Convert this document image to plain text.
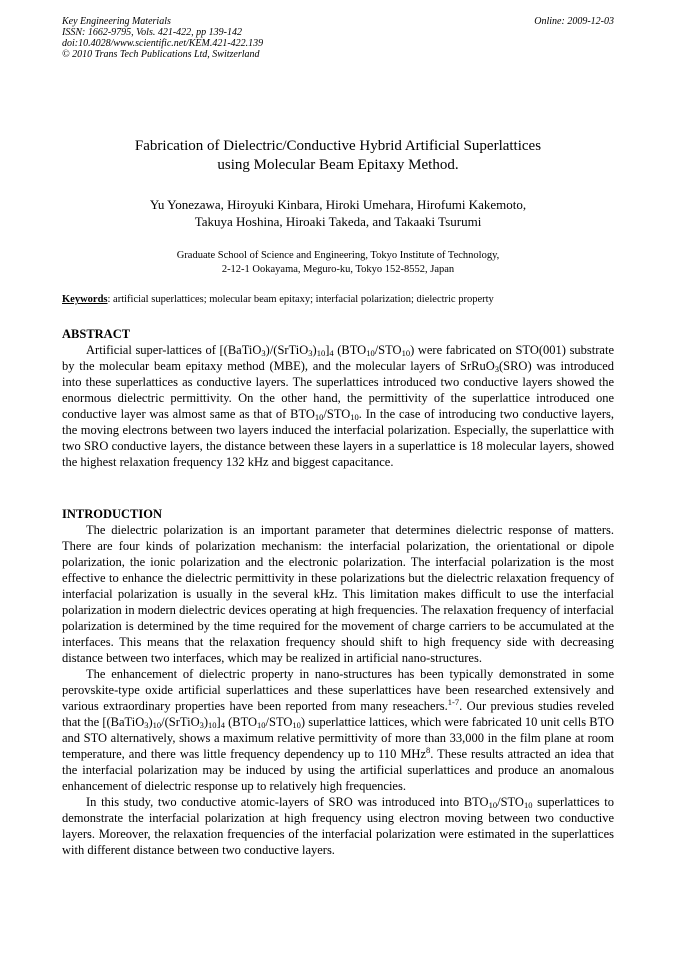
Key Engineering Materials
ISSN: 1662-9795, Vols. 421-422, pp 139-142
doi:10.4028/www.scientific.net/KEM.421-422.139
© 2010 Trans Tech Publications Ltd, Switzerland
Online: 2009-12-03
Fabrication of Dielectric/Conductive Hybrid Artificial Superlattices
using Molecular Beam Epitaxy Method.
Yu Yonezawa, Hiroyuki Kinbara, Hiroki Umehara, Hirofumi Kakemoto,
Takuya Hoshina, Hiroaki Takeda, and Takaaki Tsurumi
Graduate School of Science and Engineering, Tokyo Institute of Technology,
2-12-1 Ookayama, Meguro-ku, Tokyo 152-8552, Japan
Keywords: artificial superlattices; molecular beam epitaxy; interfacial polarization; dielectric property
ABSTRACT

Artificial super-lattices of $[(BaTiO_3)/(SrTiO_3)_{10}]_4$ $(BTO_{10}/STO_{10})$ were fabricated on STO(001) substrate by the molecular beam epitaxy method (MBE), and the molecular layers of SrRuO$_3$(SRO) was introduced into these superlattices as conductive layers. The superlattices introduced two conductive layers showed the enormous dielectric permittivity. On the other hand, the permittivity of the superlattice introduced one conductive layer was almost same as that of $BTO_{10}/STO_{10}$. In the case of introducing two conductive layers, the moving electrons between two layers induced the interfacial polarization. Especially, the superlattice with two SRO conductive layers, the distance between these layers in a superlattice is 18 molecular layers, showed the highest relaxation frequency 132 kHz and biggest capacitance.

INTRODUCTION

The dielectric polarization is an important parameter that determines dielectric response of matters. There are four kinds of polarization mechanism: the interfacial polarization, the orientational or dipole polarization, the ionic polarization and the electronic polarization. The interfacial polarization is the most effective to enhance the dielectric permittivity in these polarizations but the dielectric relaxation frequency of interfacial polarization is usually in the several kHz. This limitation makes difficult to use the interfacial polarization in modern dielectric devices operating at high frequencies. The relaxation frequency of interfacial polarization is determined by the time required for the movement of charge carriers to be accumulated at the interfaces. This means that the relaxation frequency should shift to high frequency side with decreasing distance between two interfaces, which may be realized in artificial nano-structures.

The enhancement of dielectric property in nano-structures has been typically demonstrated in some perovskite-type oxide artificial superlattices and these superlattices have been researched extensively and various extraordinary properties have been reported from many reseachers.$^{1-7}$. Our previous studies reveled that the $[(BaTiO_3)_{10}/(SrTiO_3)_{10}]_4$ $(BTO_{10}/STO_{10})$ superlattice lattices, which were fabricated 10 unit cells BTO and STO alternatively, shows a maximum relative permittivity of more than 33,000 in the film plane at room temperature, and there was little frequency dependency up to 110 MHz$^8$. These results attracted an idea that the interfacial polarization may be induced by using the artificial superlattices and produce an anomalous enhancement of dielectric response up to relatively high frequencies.

In this study, two conductive atomic-layers of SRO was introduced into $BTO_{10}/STO_{10}$ superlattices to demonstrate the interfacial polarization at high frequency using electron moving between two conductive layers. Moreover, the relaxation frequencies of the interfacial polarization were estimated in the superlattices with different distance between two conductive layers.
